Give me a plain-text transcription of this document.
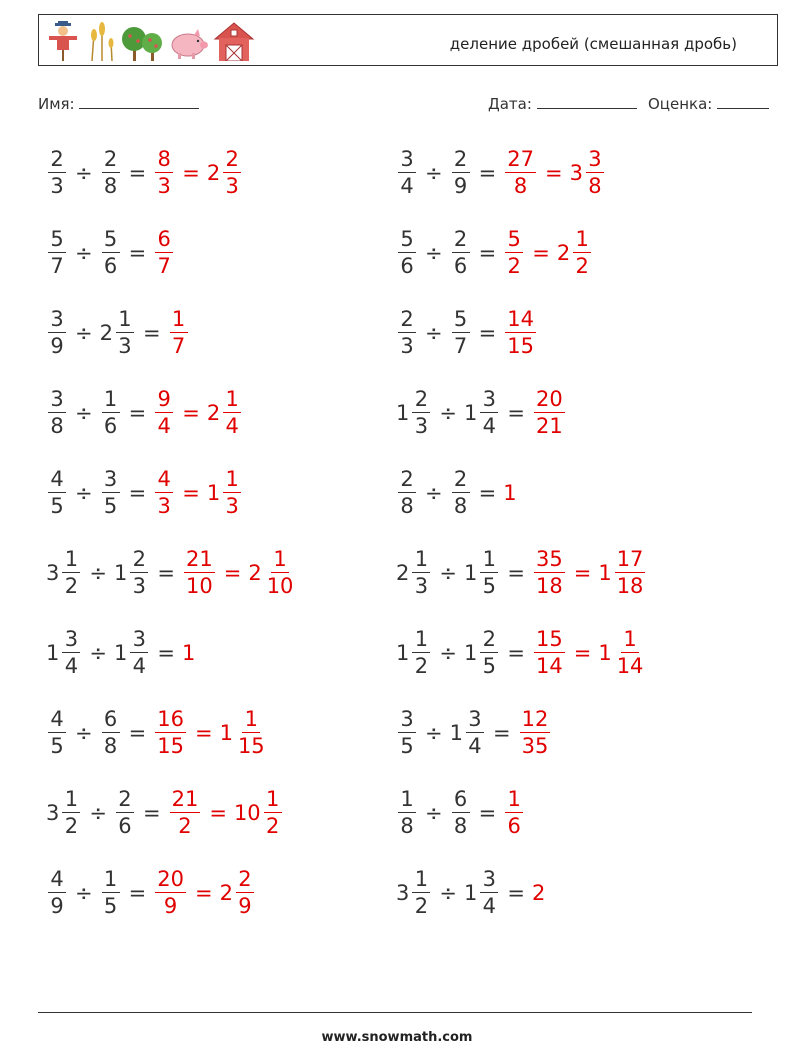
деление дробей (смешанная дробь)
Имя:	Дата:	Оценка:
$\frac{2}{3} \div \frac{2}{8} = \frac{8}{3} = 2 \frac{2}{3}$	$\frac{3}{4} \div \frac{2}{9} = \frac{27}{8} = 3 \frac{3}{8}$
$\frac{5}{7} \div \frac{5}{6} = \frac{6}{7}$	$\frac{5}{6} \div \frac{2}{6} = \frac{5}{2} = 2 \frac{1}{2}$
$\frac{3}{9} \div 2 \frac{1}{3} = \frac{1}{7}$	$\frac{2}{3} \div \frac{5}{7} = \frac{14}{15}$
$\frac{3}{8} \div \frac{1}{6} = \frac{9}{4} = 2 \frac{1}{4}$	$1 \frac{2}{3} \div 1 \frac{3}{4} = \frac{20}{21}$
$\frac{4}{5} \div \frac{3}{5} = \frac{4}{3} = 1 \frac{1}{3}$	$\frac{2}{8} \div \frac{2}{8} = 1$
$3 \frac{1}{2} \div 1 \frac{2}{3} = \frac{21}{10} = 2 \frac{1}{10}$	$2 \frac{1}{3} \div 1 \frac{1}{5} = \frac{35}{18} = 1 \frac{17}{18}$
$1 \frac{3}{4} \div 1 \frac{3}{4} = 1$	$1 \frac{1}{2} \div 1 \frac{2}{5} = \frac{15}{14} = 1 \frac{1}{14}$
$\frac{4}{5} \div \frac{6}{8} = \frac{16}{15} = 1 \frac{1}{15}$	$\frac{3}{5} \div 1 \frac{3}{4} = \frac{12}{35}$
$3 \frac{1}{2} \div \frac{2}{6} = \frac{21}{2} = 10 \frac{1}{2}$	$\frac{1}{8} \div \frac{6}{8} = \frac{1}{6}$
$\frac{4}{9} \div \frac{1}{5} = \frac{20}{9} = 2 \frac{2}{9}$	$3 \frac{1}{2} \div 1 \frac{3}{4} = 2$
www.snowmath.com
